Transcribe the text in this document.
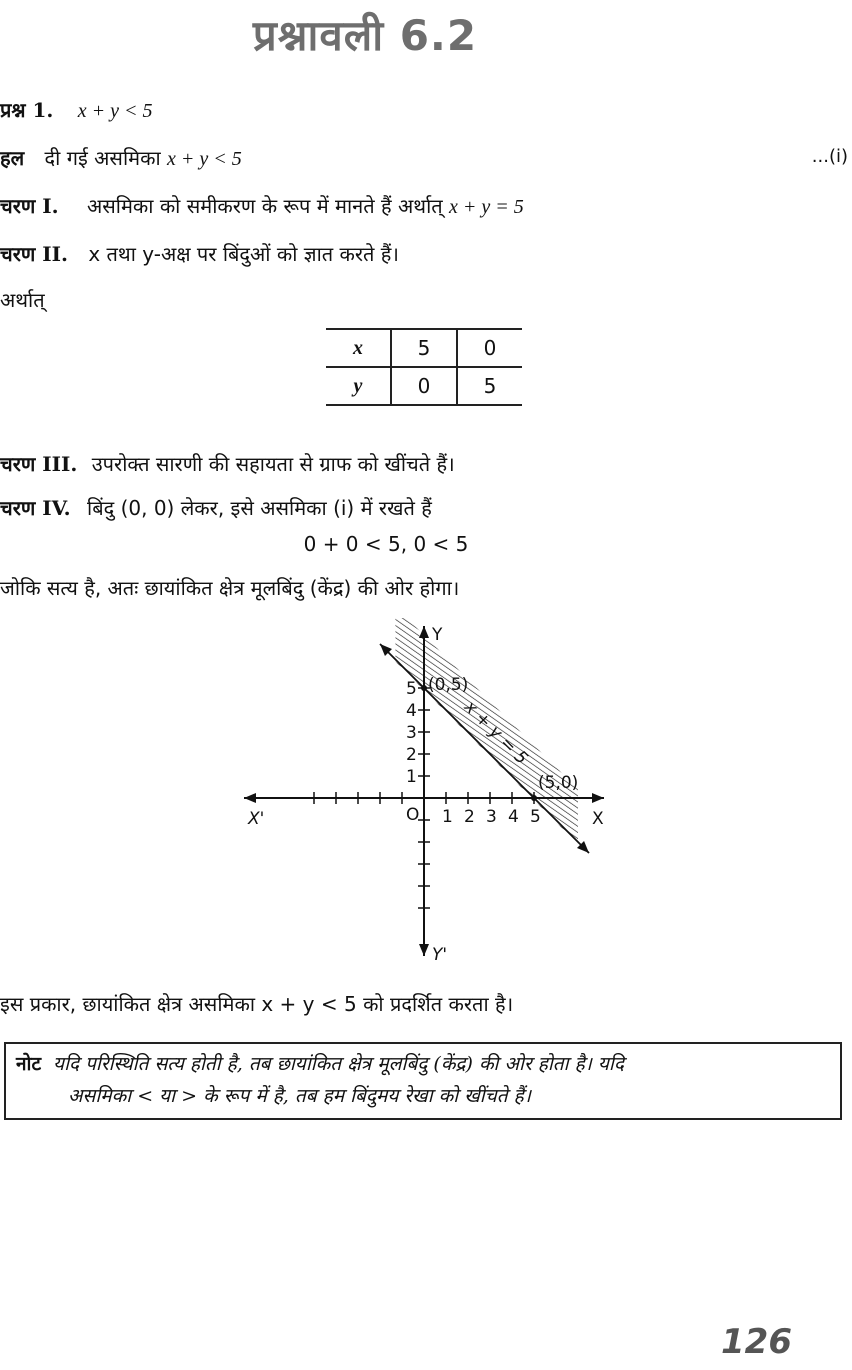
प्रश्नावली 6.2
प्रश्न 1. x + y < 5
हल दी गई असमिका x + y < 5	...(i)
चरण I. असमिका को समीकरण के रूप में मानते हैं अर्थात् x + y = 5
चरण II. x तथा y-अक्ष पर बिंदुओं को ज्ञात करते हैं।
अर्थात्
x	5	0
y	0	5
चरण III. उपरोक्त सारणी की सहायता से ग्राफ को खींचते हैं।
चरण IV. बिंदु (0, 0) लेकर, इसे असमिका (i) में रखते हैं
0 + 0 < 5, 0 < 5
जोकि सत्य है, अतः छायांकित क्षेत्र मूलबिंदु (केंद्र) की ओर होगा।
1 2 3 4 5
1
2
3
4
5 (0,5)
(5,0)
x + y = 5
X
X'
Y
Y'
O
इस प्रकार, छायांकित क्षेत्र असमिका x + y < 5 को प्रदर्शित करता है।
नोट यदि परिस्थिति सत्य होती है, तब छायांकित क्षेत्र मूलबिंदु (केंद्र) की ओर होता है। यदि
असमिका < या > के रूप में है, तब हम बिंदुमय रेखा को खींचते हैं।
126
